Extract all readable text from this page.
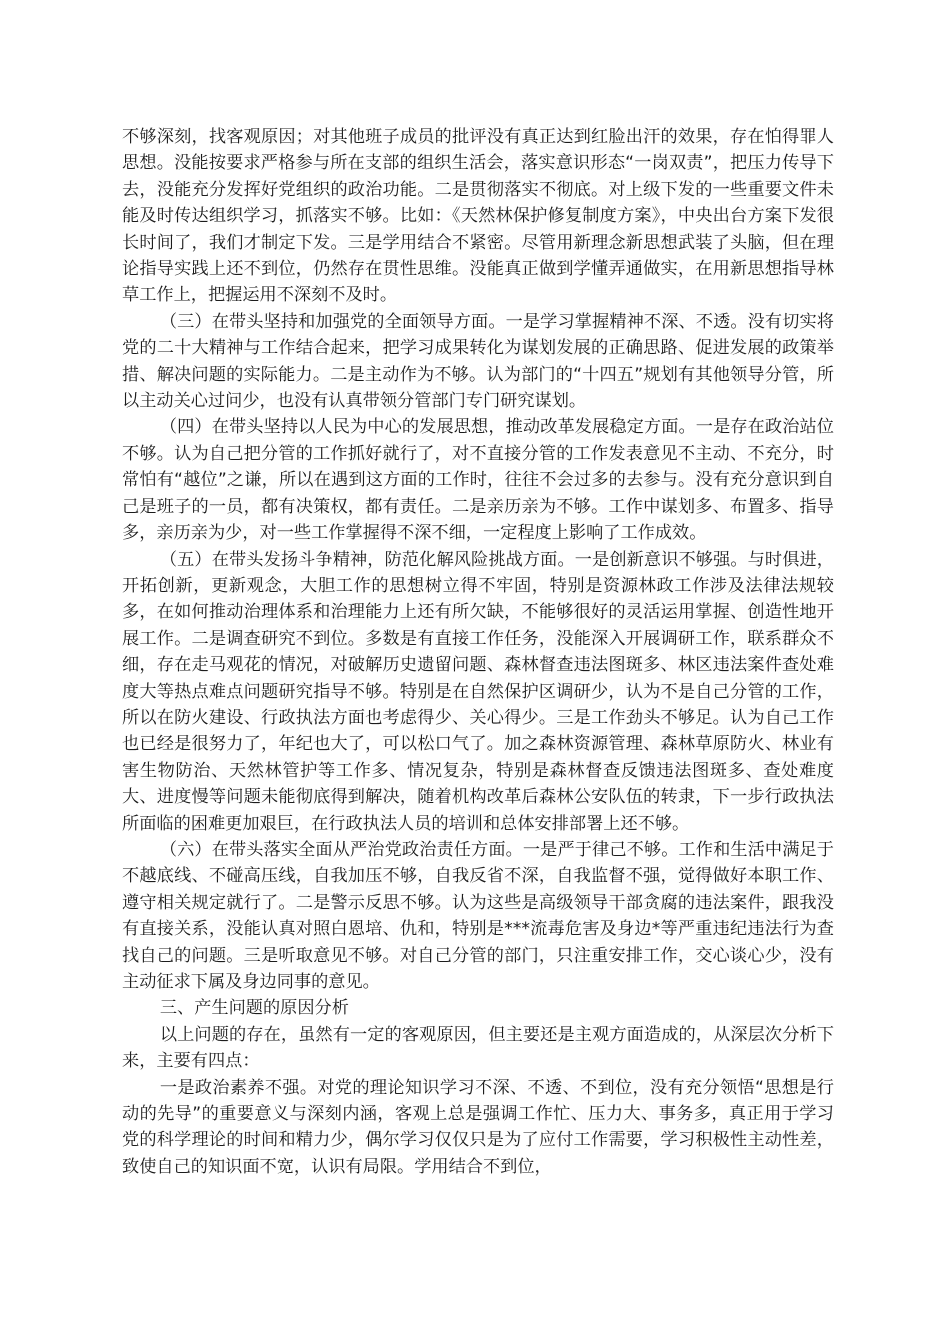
不够深刻，找客观原因；对其他班子成员的批评没有真正达到红脸出汗的效果，存在怕得罪人思想。没能按要求严格参与所在支部的组织生活会，落实意识形态“一岗双责”，把压力传导下去，没能充分发挥好党组织的政治功能。二是贯彻落实不彻底。对上级下发的一些重要文件未能及时传达组织学习，抓落实不够。比如：《天然林保护修复制度方案》，中央出台方案下发很长时间了，我们才制定下发。三是学用结合不紧密。尽管用新理念新思想武装了头脑，但在理论指导实践上还不到位，仍然存在贯性思维。没能真正做到学懂弄通做实，在用新思想指导林草工作上，把握运用不深刻不及时。

（三）在带头坚持和加强党的全面领导方面。一是学习掌握精神不深、不透。没有切实将党的二十大精神与工作结合起来，把学习成果转化为谋划发展的正确思路、促进发展的政策举措、解决问题的实际能力。二是主动作为不够。认为部门的“十四五”规划有其他领导分管，所以主动关心过问少，也没有认真带领分管部门专门研究谋划。

（四）在带头坚持以人民为中心的发展思想，推动改革发展稳定方面。一是存在政治站位不够。认为自己把分管的工作抓好就行了，对不直接分管的工作发表意见不主动、不充分，时常怕有“越位”之谦，所以在遇到这方面的工作时，往往不会过多的去参与。没有充分意识到自己是班子的一员，都有决策权，都有责任。二是亲历亲为不够。工作中谋划多、布置多、指导多，亲历亲为少，对一些工作掌握得不深不细，一定程度上影响了工作成效。

（五）在带头发扬斗争精神，防范化解风险挑战方面。一是创新意识不够强。与时俱进，开拓创新，更新观念，大胆工作的思想树立得不牢固，特别是资源林政工作涉及法律法规较多，在如何推动治理体系和治理能力上还有所欠缺，不能够很好的灵活运用掌握、创造性地开展工作。二是调查研究不到位。多数是有直接工作任务，没能深入开展调研工作，联系群众不细，存在走马观花的情况，对破解历史遗留问题、森林督查违法图斑多、林区违法案件查处难度大等热点难点问题研究指导不够。特别是在自然保护区调研少，认为不是自己分管的工作，所以在防火建设、行政执法方面也考虑得少、关心得少。三是工作劲头不够足。认为自己工作也已经是很努力了，年纪也大了，可以松口气了。加之森林资源管理、森林草原防火、林业有害生物防治、天然林管护等工作多、情况复杂，特别是森林督查反馈违法图斑多、查处难度大、进度慢等问题未能彻底得到解决，随着机构改革后森林公安队伍的转隶，下一步行政执法所面临的困难更加艰巨，在行政执法人员的培训和总体安排部署上还不够。

（六）在带头落实全面从严治党政治责任方面。一是严于律己不够。工作和生活中满足于不越底线、不碰高压线，自我加压不够，自我反省不深，自我监督不强，觉得做好本职工作、遵守相关规定就行了。二是警示反思不够。认为这些是高级领导干部贪腐的违法案件，跟我没有直接关系，没能认真对照白恩培、仇和，特别是***流毒危害及身边*等严重违纪违法行为查找自己的问题。三是听取意见不够。对自己分管的部门，只注重安排工作，交心谈心少，没有主动征求下属及身边同事的意见。

三、产生问题的原因分析

以上问题的存在，虽然有一定的客观原因，但主要还是主观方面造成的，从深层次分析下来，主要有四点：

一是政治素养不强。对党的理论知识学习不深、不透、不到位，没有充分领悟“思想是行动的先导”的重要意义与深刻内涵，客观上总是强调工作忙、压力大、事务多，真正用于学习党的科学理论的时间和精力少，偶尔学习仅仅只是为了应付工作需要，学习积极性主动性差，致使自己的知识面不宽，认识有局限。学用结合不到位，
